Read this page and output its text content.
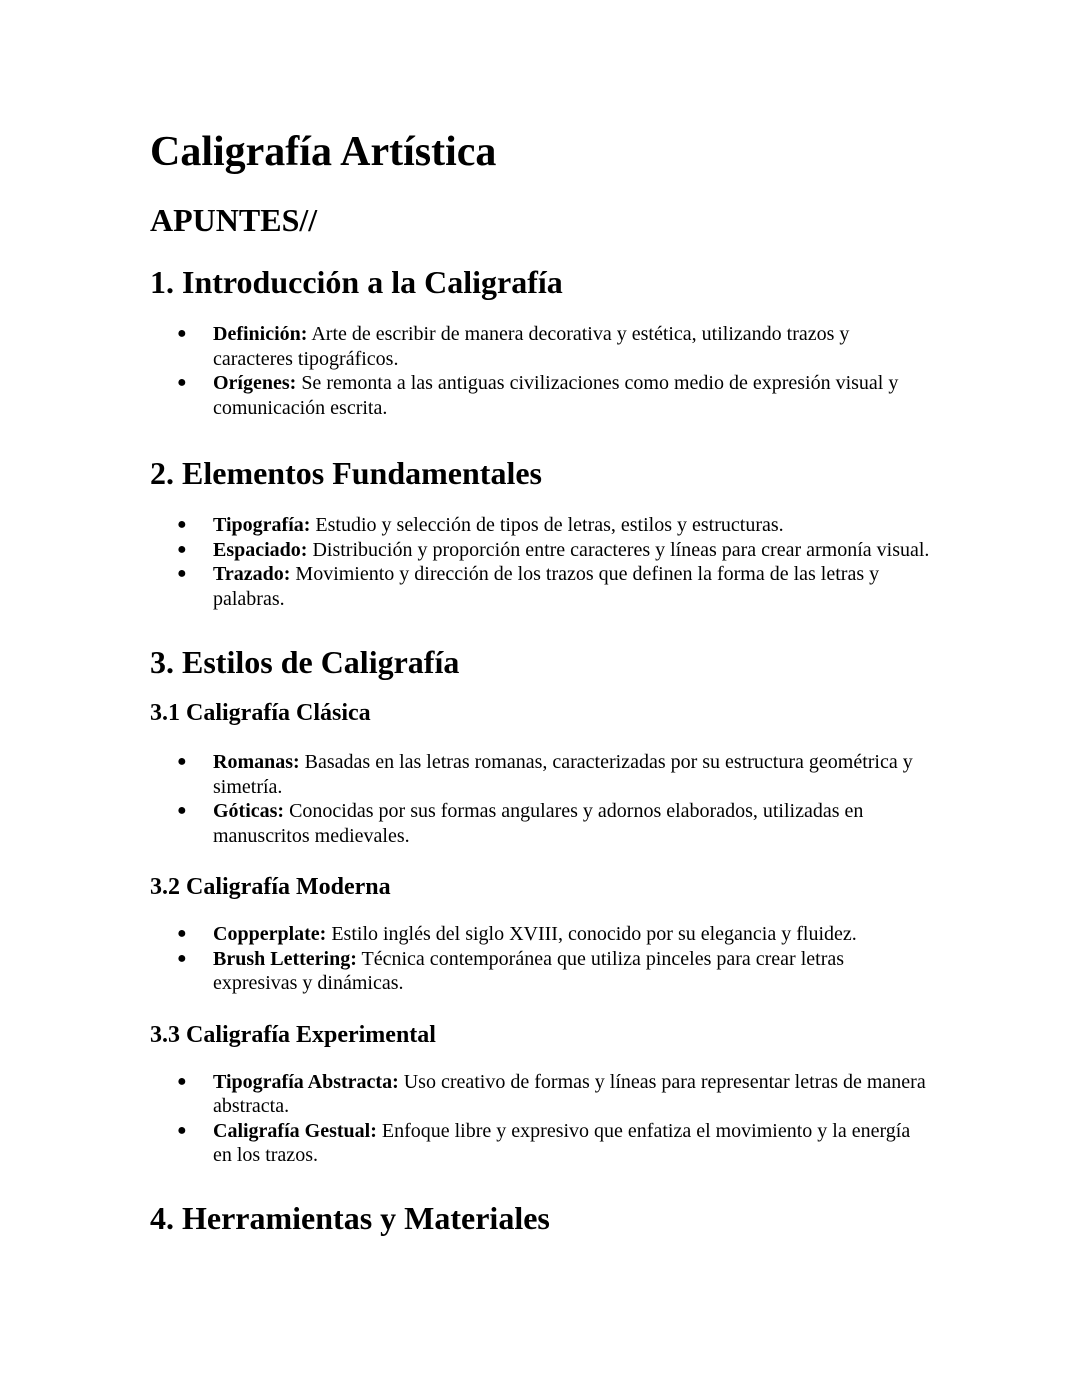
Caligrafía Artística
APUNTES//
1. Introducción a la Caligrafía
● Definición: Arte de escribir de manera decorativa y estética, utilizando trazos y caracteres tipográficos.
● Orígenes: Se remonta a las antiguas civilizaciones como medio de expresión visual y comunicación escrita.
2. Elementos Fundamentales
● Tipografía: Estudio y selección de tipos de letras, estilos y estructuras.
● Espaciado: Distribución y proporción entre caracteres y líneas para crear armonía visual.
● Trazado: Movimiento y dirección de los trazos que definen la forma de las letras y palabras.
3. Estilos de Caligrafía
3.1 Caligrafía Clásica
● Romanas: Basadas en las letras romanas, caracterizadas por su estructura geométrica y simetría.
● Góticas: Conocidas por sus formas angulares y adornos elaborados, utilizadas en manuscritos medievales.
3.2 Caligrafía Moderna
● Copperplate: Estilo inglés del siglo XVIII, conocido por su elegancia y fluidez.
● Brush Lettering: Técnica contemporánea que utiliza pinceles para crear letras expresivas y dinámicas.
3.3 Caligrafía Experimental
● Tipografía Abstracta: Uso creativo de formas y líneas para representar letras de manera abstracta.
● Caligrafía Gestual: Enfoque libre y expresivo que enfatiza el movimiento y la energía en los trazos.
4. Herramientas y Materiales
